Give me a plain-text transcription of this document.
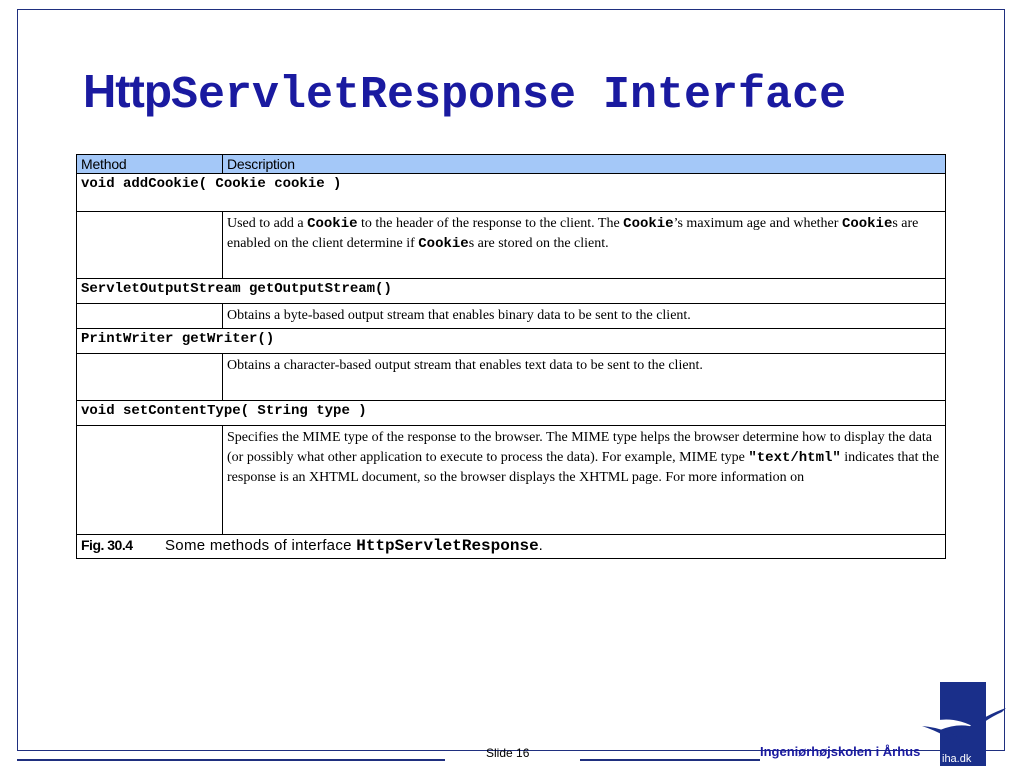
HttpServletResponse Interface
Method	Description
void addCookie( Cookie cookie )	
	Used to add a Cookie to the header of the response to the client. The Cookie’s maximum age and whether Cookies are enabled on the client determine if Cookies are stored on the client.
ServletOutputStream getOutputStream()	
	Obtains a byte-based output stream that enables binary data to be sent to the client.
PrintWriter getWriter()	
	Obtains a character-based output stream that enables text data to be sent to the client.
void setContentType( String type )	
	Specifies the MIME type of the response to the browser. The MIME type helps the browser determine how to display the data (or possibly what other application to execute to process the data). For example, MIME type "text/html" indicates that the response is an XHTML document, so the browser displays the XHTML page. For more information on
Fig. 30.4 Some methods of interface HttpServletResponse.	
Slide 16	Ingeniørhøjskolen i Århus iha.dk
